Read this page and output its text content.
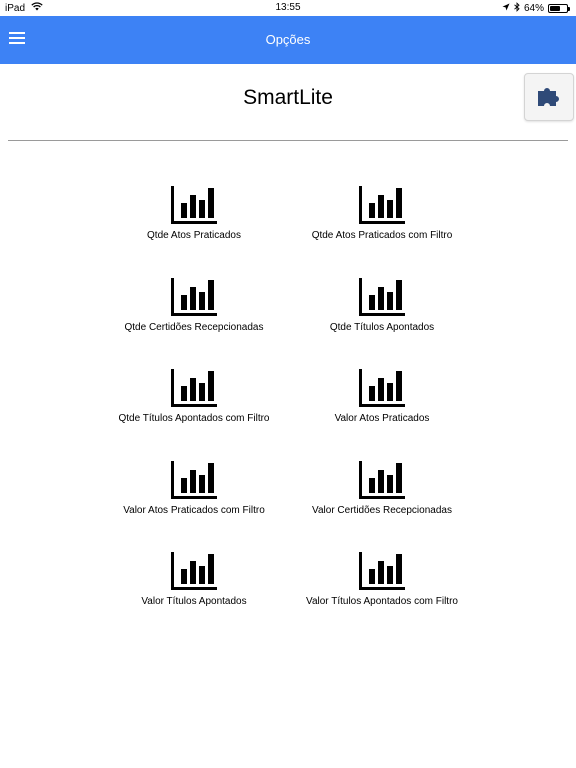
iPad	13:55	64%
Opções
SmartLite
Qtde Atos Praticados	Qtde Atos Praticados com Filtro
Qtde Certidões Recepcionadas	Qtde Títulos Apontados
Qtde Títulos Apontados com Filtro	Valor Atos Praticados
Valor Atos Praticados com Filtro	Valor Certidões Recepcionadas
Valor Títulos Apontados	Valor Títulos Apontados com Filtro
